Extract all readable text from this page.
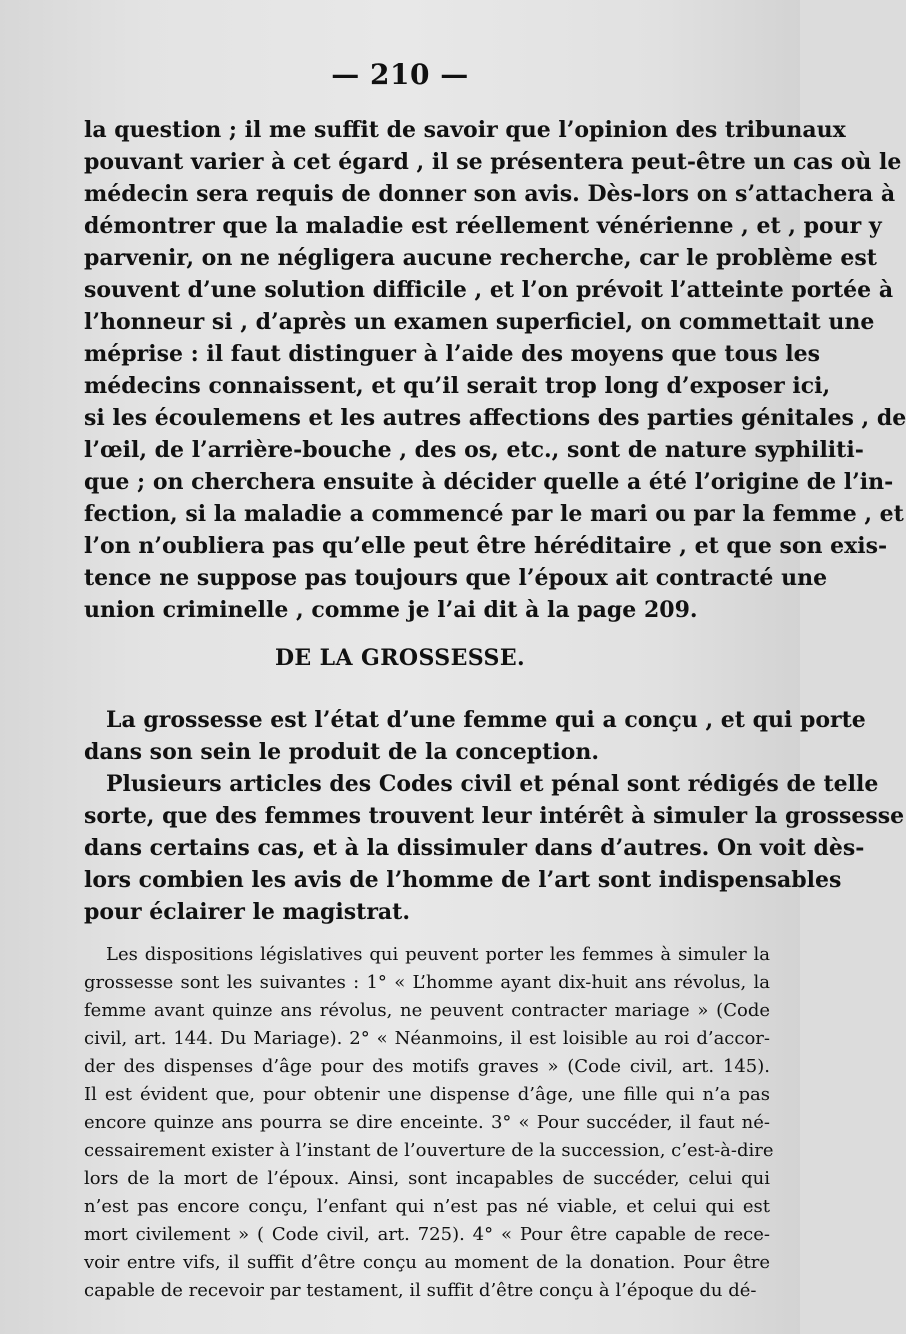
— 210 —
la question ; il me suffit de savoir que l’opinion des tribunaux
pouvant varier à cet égard , il se présentera peut-être un cas où le
médecin sera requis de donner son avis. Dès-lors on s’attachera à
démontrer que la maladie est réellement vénérienne , et , pour y
parvenir, on ne négligera aucune recherche, car le problème est
souvent d’une solution difficile , et l’on prévoit l’atteinte portée à
l’honneur si , d’après un examen superficiel, on commettait une
méprise : il faut distinguer à l’aide des moyens que tous les
médecins connaissent, et qu’il serait trop long d’exposer ici,
si les écoulemens et les autres affections des parties génitales , de
l’œil, de l’arrière-bouche , des os, etc., sont de nature syphiliti-
que ; on cherchera ensuite à décider quelle a été l’origine de l’in-
fection, si la maladie a commencé par le mari ou par la femme , et
l’on n’oubliera pas qu’elle peut être héréditaire , et que son exis-
tence ne suppose pas toujours que l’époux ait contracté une
union criminelle , comme je l’ai dit à la page 209.
DE LA GROSSESSE.
La grossesse est l’état d’une femme qui a conçu , et qui porte
dans son sein le produit de la conception.
Plusieurs articles des Codes civil et pénal sont rédigés de telle
sorte, que des femmes trouvent leur intérêt à simuler la grossesse
dans certains cas, et à la dissimuler dans d’autres. On voit dès-
lors combien les avis de l’homme de l’art sont indispensables
pour éclairer le magistrat.
Les dispositions législatives qui peuvent porter les femmes à simuler la
grossesse sont les suivantes : 1° « L’homme ayant dix-huit ans révolus, la
femme avant quinze ans révolus, ne peuvent contracter mariage » (Code
civil, art. 144. Du Mariage). 2° « Néanmoins, il est loisible au roi d’accor-
der des dispenses d’âge pour des motifs graves » (Code civil, art. 145).
Il est évident que, pour obtenir une dispense d’âge, une fille qui n’a pas
encore quinze ans pourra se dire enceinte. 3° « Pour succéder, il faut né-
cessairement exister à l’instant de l’ouverture de la succession, c’est-à-dire
lors de la mort de l’époux. Ainsi, sont incapables de succéder, celui qui
n’est pas encore conçu, l’enfant qui n’est pas né viable, et celui qui est
mort civilement » ( Code civil, art. 725). 4° « Pour être capable de rece-
voir entre vifs, il suffit d’être conçu au moment de la donation. Pour être
capable de recevoir par testament, il suffit d’être conçu à l’époque du dé-
